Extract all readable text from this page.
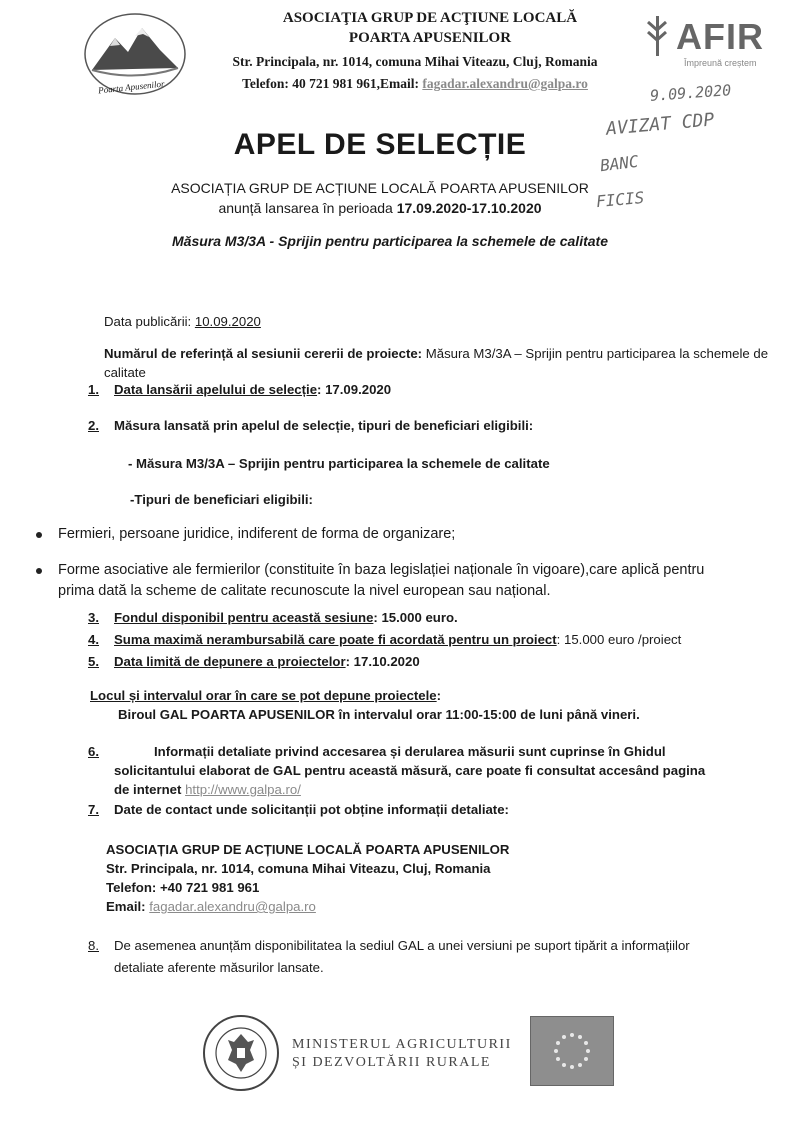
Poarta Apusenilor
ASOCIAŢIA GRUP DE ACŢIUNE LOCALĂ
POARTA APUSENILOR
Str. Principala, nr. 1014, comuna Mihai Viteazu, Cluj, Romania
Telefon: 40 721 981 961,Email: fagadar.alexandru@galpa.ro
AFIR
Împreună creștem
9.09.2020
AVIZAT CDP
BANC
FICIS
APEL DE SELECȚIE
ASOCIAȚIA GRUP DE ACȚIUNE LOCALĂ POARTA APUSENILOR
anunță lansarea în perioada 17.09.2020-17.10.2020
Măsura M3/3A - Sprijin pentru participarea la schemele de calitate
Data publicării: 10.09.2020
Numărul de referință al sesiunii cererii de proiecte: Măsura M3/3A – Sprijin pentru participarea la schemele de
calitate
1. Data lansării apelului de selecție: 17.09.2020
2. Măsura lansată prin apelul de selecție, tipuri de beneficiari eligibili:
- Măsura M3/3A – Sprijin pentru participarea la schemele de calitate
-Tipuri de beneficiari eligibili:
Fermieri, persoane juridice, indiferent de forma de organizare;
Forme asociative ale fermierilor (constituite în baza legislației naționale în vigoare),care aplică pentru
prima dată la scheme de calitate recunoscute la nivel european sau național.
3. Fondul disponibil pentru această sesiune: 15.000 euro.
4. Suma maximă nerambursabilă care poate fi acordată pentru un proiect: 15.000 euro /proiect
5. Data limită de depunere a proiectelor: 17.10.2020
Locul și intervalul orar în care se pot depune proiectele:
Biroul GAL POARTA APUSENILOR în intervalul orar 11:00-15:00 de luni până vineri.
6.	Informații detaliate privind accesarea și derularea măsurii sunt cuprinse în Ghidul
solicitantului elaborat de GAL pentru această măsură, care poate fi consultat accesând pagina
de internet http://www.galpa.ro/
7. Date de contact unde solicitanții pot obține informații detaliate:
ASOCIAȚIA GRUP DE ACȚIUNE LOCALĂ POARTA APUSENILOR
Str. Principala, nr. 1014, comuna Mihai Viteazu, Cluj, Romania
Telefon: +40 721 981 961
Email: fagadar.alexandru@galpa.ro
8. De asemenea anunțăm disponibilitatea la sediul GAL a unei versiuni pe suport tipărit a informațiilor
detaliate aferente măsurilor lansate.
MINISTERUL AGRICULTURII
ȘI DEZVOLTĂRII RURALE
